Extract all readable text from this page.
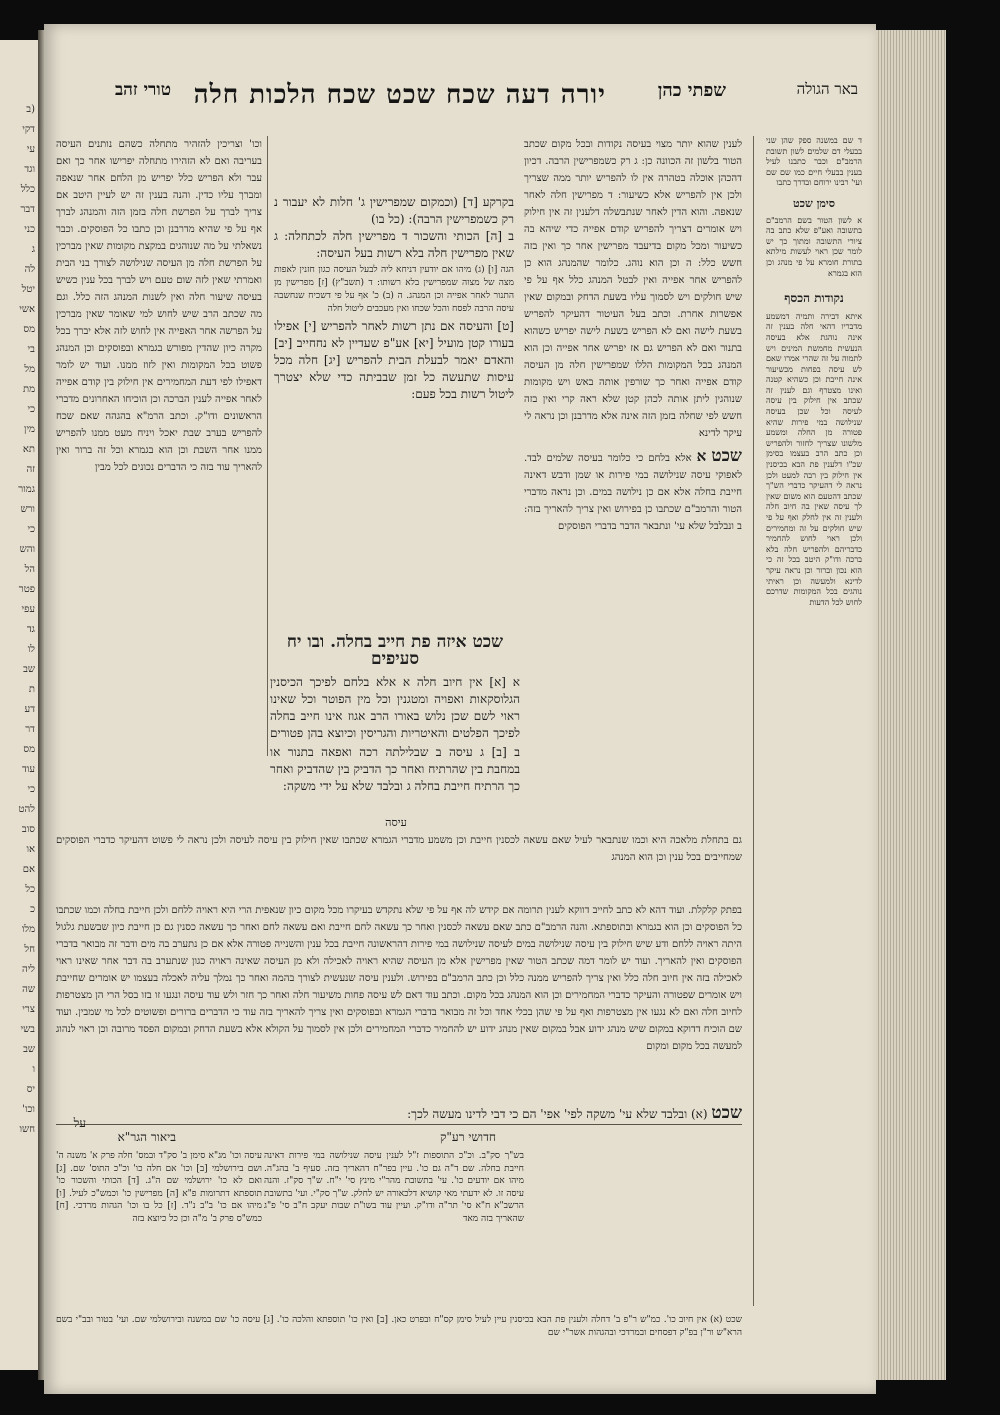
(ב
דקי
עי
וגד
כלל
דבר
כני
ג
לה
יטל
אשי
מס
בי
מל
מת
כי
מין
תא
זה
גמור
ורש
כי
והש
הל
פטר
עפי
גד
לו
שב
ת
דע
דר
מס
עוד
כי
להט
סוב
או
אם
כל
כ
מלו
חל
ליה
שה
צרי
בשי
שב
ו
יס
וכו'
חשו
באר הגולה
שפתי כהן
יורה דעה שכח שכט שכח הלכות חלה
טורי זהב

ד שם במשנה ספק שהן שני בבעלי דם שלמים לשון תשובת הרמב"ם וכבר כתבנו לעיל בענין בבעלי חיים כמו שם שם ועי' רבינו ירוחם ובדרך כתבו

סימן שכט

א לשון הטור בשם הרמב"ם בתשובה ואע"פ שלא כתב בה ציורי התשובה ומתוך כך יש לומר שכן ראוי לעשות מילתא בתורת חומרא על פי מנהג וכן הוא בגמרא

נקודות הכסף

איתא דבירה ותמיה דמשמע מדבריו דהאי חלה בענין זה אינה נוהגת אלא בעיסה הנעשית מחמשת המינים ויש לתמוה על זה שהרי אמרו שאם לש עיסה בפחות מכשיעור אינה חייבת וכן כשהיא קטנה ואינו מצטרף וגם לענין זה שכתב אין חילוק בין עיסה לעיסה וכל שכן בעיסה שנילושה במי פירות שהיא פטורה מן החלה ומשמע מלשונו שצריך לחזור ולהפריש וכן כתב הרב בעצמו בסימן שכ"ו דלענין פת הבא בכיסנין אין חילוק בין רבה למעט ולכן נראה לי דהעיקר כדברי הש"ך שכתב דהטעם הוא משום שאין לך עיסה שאין בה חיוב חלה ולענין זה אין לחלק ואף על פי שיש חולקים על זה ומחמירים ולכן ראוי לחוש להחמיר כדבריהם ולהפריש חלה בלא ברכה ודו"ק היטב בכל זה כי הוא נכון וברור וכן נראה עיקר לדינא ולמעשה וכן ראיתי נוהגים בכל המקומות שדרכם לחוש לכל הדעות

לענין שהוא יותר מצוי בעיסה נקודות ובכל מקום שכתב הטור בלשון זה הכוונה כן: ג רק כשמפרישין הרבה. דכיון דהכהן אוכלה בטהרה אין לו להפריש יותר ממה שצריך ולכן אין להפריש אלא כשיעור: ד מפרישין חלה לאחר שנאפה. והוא הדין לאחר שנתבשלה דלענין זה אין חילוק ויש אומרים דצריך להפריש קודם אפייה כדי שיהא בה כשיעור ומכל מקום בדיעבד מפרישין אחר כך ואין בזה חשש כלל: ה וכן הוא נוהג. כלומר שהמנהג הוא כן להפריש אחר אפייה ואין לבטל המנהג כלל אף על פי שיש חולקים ויש לסמוך עליו בשעת הדחק ובמקום שאין אפשרות אחרת. וכתב בעל העיטור דהעיקר להפריש בשעת לישה ואם לא הפריש בשעת לישה יפריש כשהוא בתנור ואם לא הפריש גם אז יפריש אחר אפייה וכן הוא המנהג בכל המקומות הללו שמפרישין חלה מן העיסה קודם אפייה ואחר כך שורפין אותה באש ויש מקומות שנוהגין ליתן אותה לכהן קטן שלא ראה קרי ואין בזה חשש לפי שחלה בזמן הזה אינה אלא מדרבנן וכן נראה לי עיקר לדינא

שכט א אלא בלחם כי כלומר בעיסה שלמים לבד. לאפוקי עיסה שנילושה במי פירות או שמן ודבש דאינה חייבת בחלה אלא אם כן נילושה במים. וכן נראה מדברי הטור והרמב"ם שכתבו כן בפירוש ואין צריך להאריך בזה: ב ונבלבל שלא עי' ונתבאר הדבר בדברי הפוסקים

וכו' וצריכין להזהיר מתחלה כשהם נותנים העיסה בעריבה ואם לא הזהירו מתחלה יפרישו אחר כך ואם עבר ולא הפריש כלל יפריש מן הלחם אחר שנאפה ומברך עליו כדין. והנה בענין זה יש לעיין היטב אם צריך לברך על הפרשת חלה בזמן הזה והמנהג לברך אף על פי שהיא מדרבנן וכן כתבו כל הפוסקים. וכבר נשאלתי על מה שנוהגים במקצת מקומות שאין מברכין על הפרשת חלה מן העיסה שנילושה לצורך בני הבית ואמרתי שאין לזה שום טעם ויש לברך בכל ענין כשיש בעיסה שיעור חלה ואין לשנות המנהג הזה כלל. וגם מה שכתב הרב שיש לחוש למי שאומר שאין מברכין על הפרשה אחר האפייה אין לחוש לזה אלא יברך בכל מקרה כיון שהדין מפורש בגמרא ובפוסקים וכן המנהג פשוט בכל המקומות ואין לזוז ממנו. ועוד יש לומר דאפילו לפי דעת המחמירים אין חילוק בין קודם אפייה לאחר אפייה לענין הברכה וכן הוכיחו האחרונים מדברי הראשונים ודו"ק. וכתב הרמ"א בהגהה שאם שכח להפריש בערב שבת יאכל ויניח מעט ממנו להפריש ממנו אחר השבת וכן הוא בגמרא וכל זה ברור ואין להאריך עוד בזה כי הדברים נכונים לכל מבין

בקרקע [ד] (וכמקום שמפרישין ג' חלות לא יעבור נ רק כשמפרישין הרבה): (כל בו)

ב [ה] הכותי והשכור ד מפרישין חלה לכתחלה: ג שאין מפרישין חלה בלא רשות בעל העיסה:

הגה [ו] (ג) מיהו אם יודעין דניחא ליה לבעל העיסה כגון חזנין לאפות מצה של מצוה שמפרישין בלא רשותו: ד (תשב"ץ) [ז] מפרישין מן התנור לאחר אפייה וכן המנהג. ה (ב) כ' אף על פי דשכיח שנחשבה עיסה הרבה לפסח והכל שכחו ואין מעכבים ליטול חלה

[ט] והעיסה אם נתן רשות לאחר להפריש [י] אפילו בעורו קטן מועיל [יא] אע"פ שעדיין לא נחחייב [יב] והאדם יאמר לבעלת הבית להפריש [יג] חלה מכל עיסות שתעשה כל זמן שבביתה כדי שלא יצטרך ליטול רשות בכל פעם:

שכט איזה פת חייב בחלה. ובו יח סעיפים

א [א] אין חיוב חלה א אלא בלחם לפיכך הכיסנין הגלוסקאות ואפויה ומטגנין וכל מין הפוטר וכל שאינו ראוי לשם שכן נלוש באורו הרב אגוז אינו חייב בחלה לפיכך הפלטים והאיטריות והגריסין וכיוצא בהן פטורים

ב [ב] ג עיסה ב שבלילתה רכה ואפאה בתנור או במחבת בין שהרתיח ואחר כך הדביק בין שהדביק ואחר כך הרתיח חייבת בחלה ג ובלבד שלא על ידי משקה:

עיסה

גם בתחלת מלאכה היא וכמו שנתבאר לעיל שאם עשאה לכסנין חייבת וכן משמע מדברי הגמרא שכתבו שאין חילוק בין עיסה לעיסה ולכן נראה לי פשוט דהעיקר כדברי הפוסקים שמחייבים בכל ענין וכן הוא המנהג

בפתק קלקלת. ועוד דהא לא כתב לחייב דווקא לענין תרומה אם קידש לה אף על פי שלא נתקדש בעיקרו מכל מקום כיון שנאפית הרי היא ראויה ללחם ולכן חייבת בחלה וכמו שכתבו כל הפוסקים וכן הוא בגמרא ובתוספתא. והנה הרמב"ם כתב שאם עשאה לכסנין ואחר כך עשאה לחם חייבת ואם עשאה לחם ואחר כך עשאה כסנין גם כן חייבת כיון שבשעת גלגול היתה ראויה ללחם ודע שיש חילוק בין עיסה שנילושה במים לעיסה שנילושה במי פירות דהראשונה חייבת בכל ענין והשנייה פטורה אלא אם כן נתערב בה מים ודבר זה מבואר בדברי הפוסקים ואין להאריך. ועוד יש לומר דמה שכתב הטור שאין מפרישין אלא מן העיסה שהיא ראויה לאכילה ולא מן העיסה שאינה ראויה כגון שנתערב בה דבר אחר שאינו ראוי לאכילה בזה אין חיוב חלה כלל ואין צריך להפריש ממנה כלל וכן כתב הרמב"ם בפירוש. ולענין עיסה שנעשית לצורך בהמה ואחר כך נמלך עליה לאכלה בעצמו יש אומרים שחייבת ויש אומרים שפטורה והעיקר כדברי המחמירים וכן הוא המנהג בכל מקום. וכתב עוד דאם לש עיסה פחות משיעור חלה ואחר כך חזר ולש עוד עיסה ונגעו זו בזו בסל הרי הן מצטרפות לחיוב חלה ואם לא נגעו אין מצטרפות ואף על פי שהן בכלי אחד וכל זה מבואר בדברי הגמרא ובפוסקים ואין צריך להאריך בזה עוד כי הדברים ברורים ופשוטים לכל מי שמבין. ועוד שם הוכיח דדוקא במקום שיש מנהג ידוע אבל במקום שאין מנהג ידוע יש להחמיר כדברי המחמירים ולכן אין לסמוך על הקולא אלא בשעת הדחק ובמקום הפסד מרובה וכן ראוי לנהוג למעשה בכל מקום ומקום

שכט (א) ובלבד שלא עי' משקה לפי' אפי' הם כי דבי לדינו מעשה לכך:
חדושי רע"ק
ביאור הגר"א
על

בש"ך סק"ב. וכ"כ התוספות ז"ל לענין עיסה שנילושה במי פירות דאינה חייבת בחלה. שם ד"ה גם כו'. עיין בפר"ח דהאריך בזה. סעיף ב' בהג"ה. מיהו אם יודעים כו'. עי' בתשובת מהר"י מינץ סי' י"ח. ש"ך סק"ז. והנה עיסה זו. לא ידעתי מאי קושיא דלכאורה יש לחלק. ש"ך סק"י. ועי' בתשובת הרשב"א ח"א סי' תר"ה ודו"ק. ועיין עוד בשו"ת שבות יעקב ח"ב סי' פ"ג שהאריך בזה מאד

עיסה וכו' מג"א סימן ב' סק"ד ובמס' חלה פרק א' משנה ה' ושם בירושלמי [ב] וכו' אם חלה כו' וכ"כ התוס' שם. [ג] ואם לא כו' ירושלמי שם ה"ג. [ד] הכותי והשכור כו' תוספתא דתרומות פ"א [ה] מפרישין כו' וכמש"כ לעיל. [ו] מיהו אם כו' ב"ב נ"ד. [ז] כל בו וכו' הגהות מרדכי. [ח] כמש"ס פרק ב' מ"ה וכן כל כיוצא בזה

שכט (א) אין חיוב כו'. כמ"ש ר"פ ב' דחלה ולענין פת הבא בכיסנין עיין לעיל סימן קס"ח ובפרט כאן. [ב] ואין כו' תוספתא והלכה כו'. [ג] עיסה כו' שם במשנה ובירושלמי שם. ועי' בטור ובב"י בשם הרא"ש ור"ן בפ"ק דפסחים ובמרדכי ובהגהות אשר"י שם
